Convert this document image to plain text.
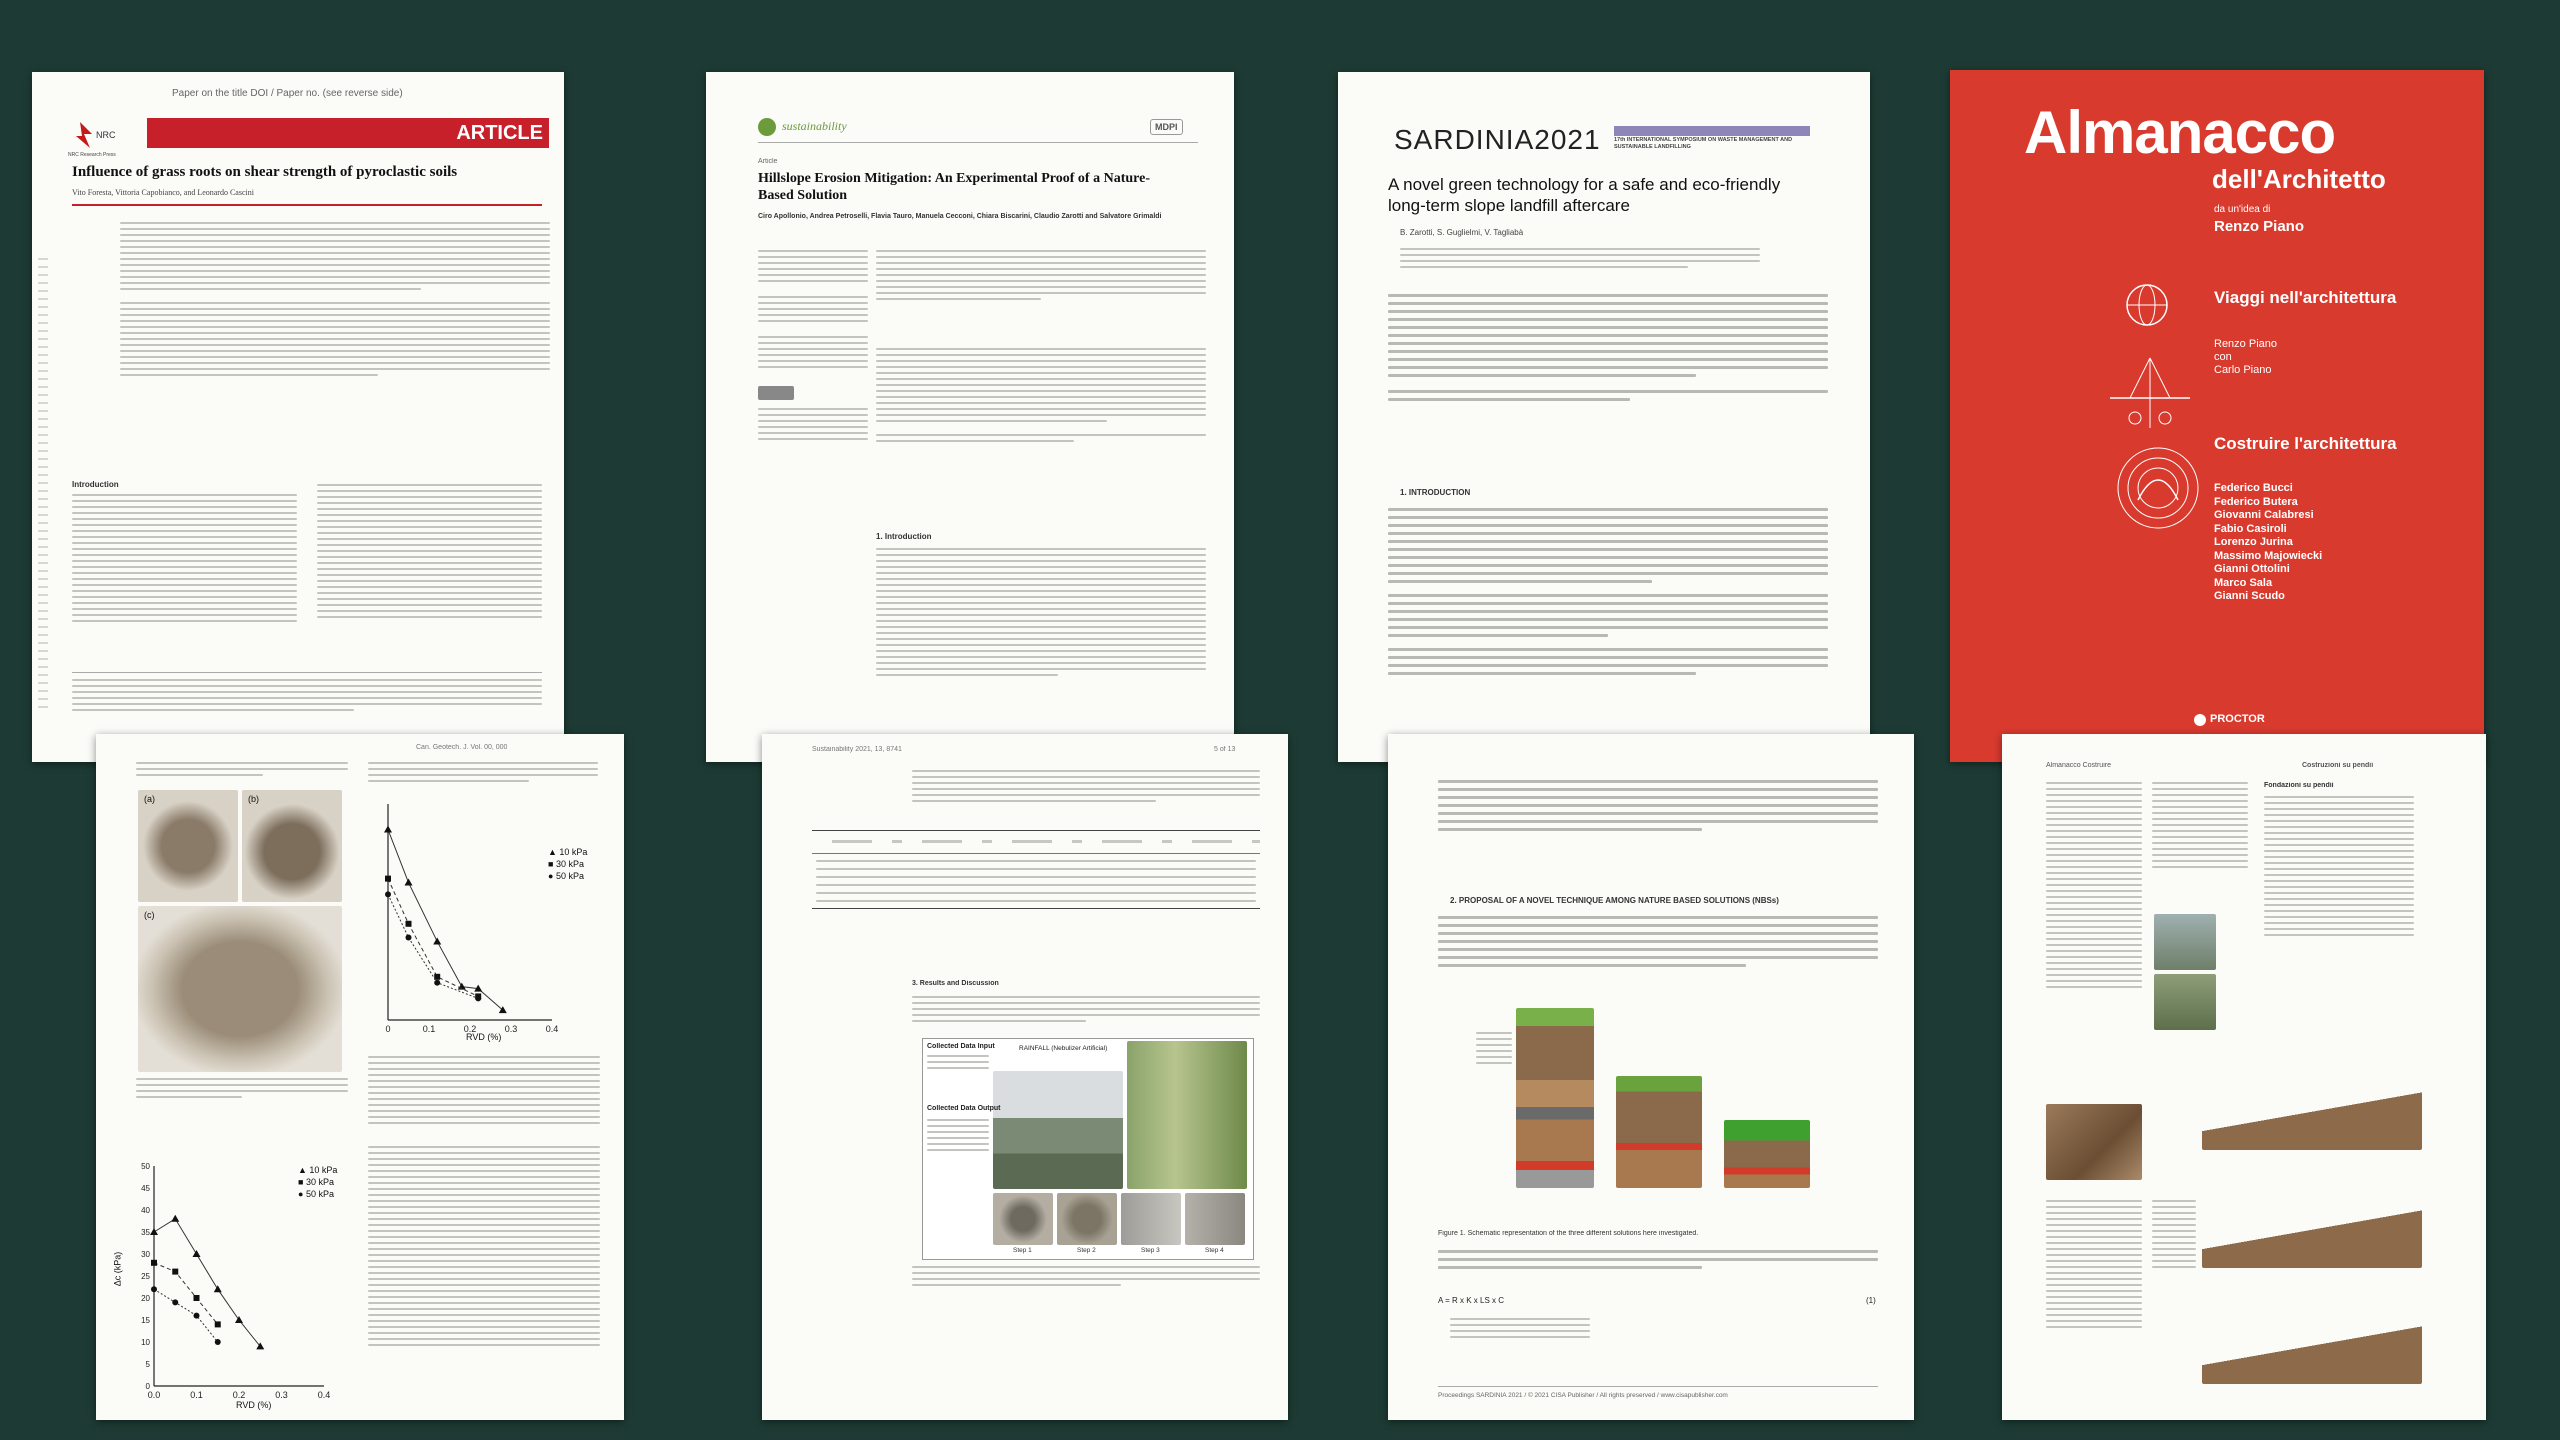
Paper on the title DOI / Paper no. (see reverse side)
NRC
NRC Research Press
ARTICLE
Influence of grass roots on shear strength of pyroclastic soils
Vito Foresta, Vittoria Capobianco, and Leonardo Cascini
Introduction
sustainability	MDPI
Article
Hillslope Erosion Mitigation: An Experimental Proof of a Nature-Based Solution
Ciro Apollonio, Andrea Petroselli, Flavia Tauro, Manuela Cecconi, Chiara Biscarini, Claudio Zarotti and Salvatore Grimaldi
1. Introduction
SARDINIA2021 17th INTERNATIONAL SYMPOSIUM ON WASTE MANAGEMENT AND SUSTAINABLE LANDFILLING
A novel green technology for a safe and eco-friendly long-term slope landfill aftercare
B. Zarotti, S. Guglielmi, V. Tagliabà
1. INTRODUCTION
Almanacco
dell'Architetto
da un'idea di
Renzo Piano
Viaggi nell'architettura
Renzo Piano
con
Carlo Piano
Costruire l'architettura
Federico Bucci
Federico Butera
Giovanni Calabresi
Fabio Casiroli
Lorenzo Jurina
Massimo Majowiecki
Gianni Ottolini
Marco Sala
Gianni Scudo
PROCTOR
Can. Geotech. J. Vol. 00, 000
(a)	(b)
(c)
0	0.1	0.2	0.3	0.4
▲ 10 kPa
■ 30 kPa
● 50 kPa
RVD (%)
0.0	0.1	0.2	0.3	0.4
0
5
10
15
20
25
30
35
40
45
50	▲ 10 kPa
■ 30 kPa
● 50 kPa
RVD (%)
Δc (kPa)
Sustainability 2021, 13, 8741	5 of 13
3. Results and Discussion
Collected Data Input	RAINFALL (Nebulizer Artificial)
Collected Data Output
Step 1	Step 2	Step 3	Step 4
2. PROPOSAL OF A NOVEL TECHNIQUE AMONG NATURE BASED SOLUTIONS (NBSs)
Figure 1. Schematic representation of the three different solutions here investigated.
A = R x K x LS x C	(1)
Proceedings SARDINIA 2021 / © 2021 CISA Publisher / All rights preserved / www.cisapublisher.com
Almanacco Costruire	Costruzioni su pendii
Fondazioni su pendii
